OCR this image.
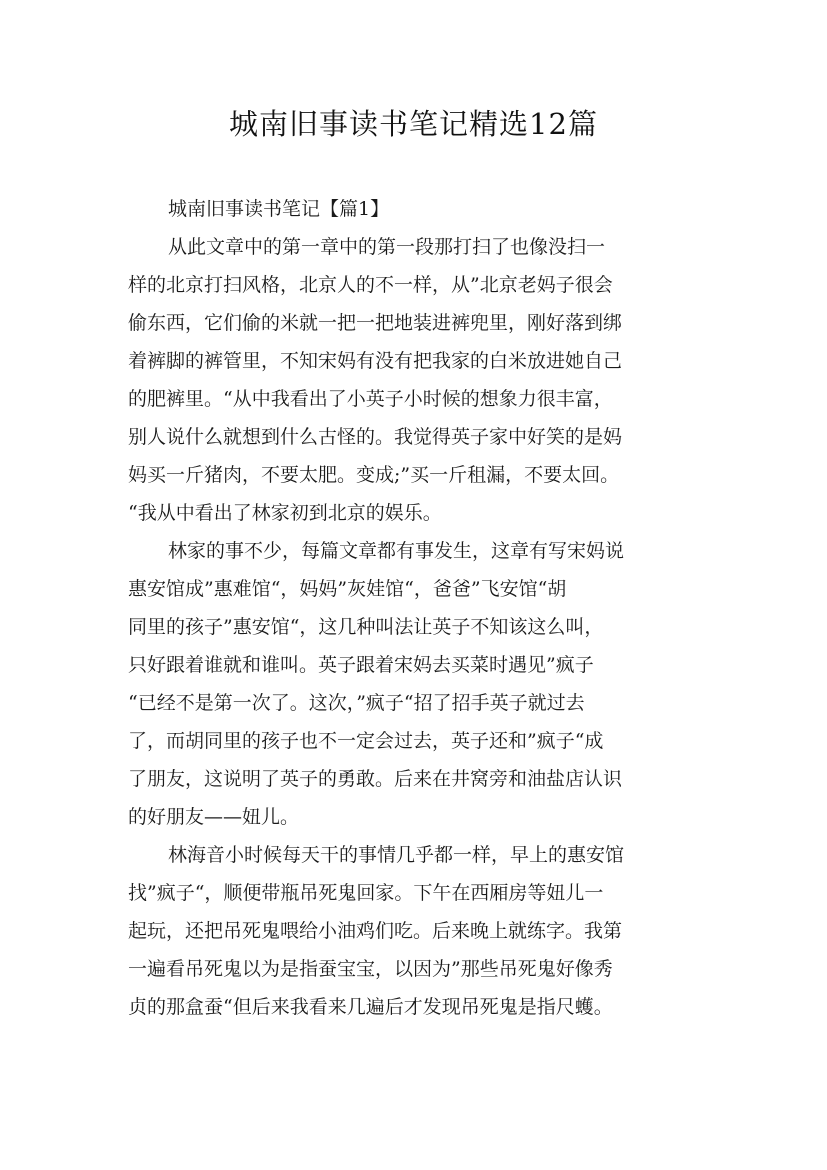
城南旧事读书笔记精选12篇
城南旧事读书笔记【篇1】

从此文章中的第一章中的第一段那打扫了也像没扫一
样的北京打扫风格，北京人的不一样，从”北京老妈子很会
偷东西，它们偷的米就一把一把地装进裤兜里，刚好落到绑
着裤脚的裤管里，不知宋妈有没有把我家的白米放进她自己
的肥裤里。“从中我看出了小英子小时候的想象力很丰富，
别人说什么就想到什么古怪的。我觉得英子家中好笑的是妈
妈买一斤猪肉，不要太肥。变成;”买一斤租漏，不要太回。
“我从中看出了林家初到北京的娱乐。

林家的事不少，每篇文章都有事发生，这章有写宋妈说
惠安馆成”惠难馆“，妈妈”灰娃馆“，爸爸”飞安馆“胡
同里的孩子”惠安馆“，这几种叫法让英子不知该这么叫，
只好跟着谁就和谁叫。英子跟着宋妈去买菜时遇见”疯子
“已经不是第一次了。这次，”疯子“招了招手英子就过去
了，而胡同里的孩子也不一定会过去，英子还和”疯子“成
了朋友，这说明了英子的勇敢。后来在井窝旁和油盐店认识
的好朋友——妞儿。

林海音小时候每天干的事情几乎都一样，早上的惠安馆
找”疯子“，顺便带瓶吊死鬼回家。下午在西厢房等妞儿一
起玩，还把吊死鬼喂给小油鸡们吃。后来晚上就练字。我第
一遍看吊死鬼以为是指蚕宝宝，以因为”那些吊死鬼好像秀
贞的那盒蚕“但后来我看来几遍后才发现吊死鬼是指尺蠖。
